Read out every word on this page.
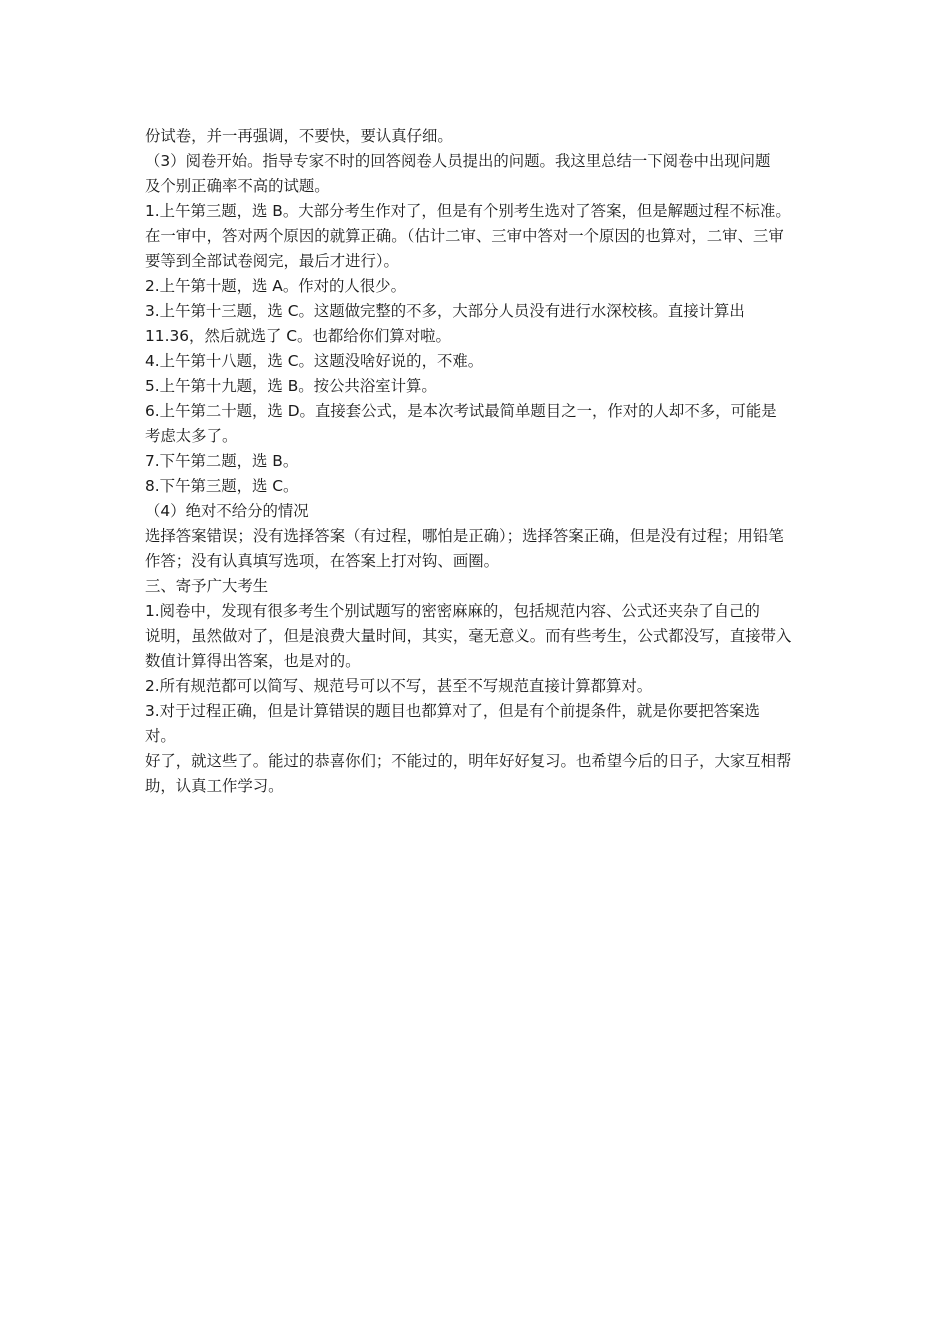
份试卷，并一再强调，不要快，要认真仔细。
（3）阅卷开始。指导专家不时的回答阅卷人员提出的问题。我这里总结一下阅卷中出现问题
及个别正确率不高的试题。
1.上午第三题，选 B。大部分考生作对了，但是有个别考生选对了答案，但是解题过程不标准。
在一审中，答对两个原因的就算正确。（估计二审、三审中答对一个原因的也算对，二审、三审
要等到全部试卷阅完，最后才进行）。
2.上午第十题，选 A。作对的人很少。
3.上午第十三题，选 C。这题做完整的不多，大部分人员没有进行水深校核。直接计算出
11.36，然后就选了 C。也都给你们算对啦。
4.上午第十八题，选 C。这题没啥好说的，不难。
5.上午第十九题，选 B。按公共浴室计算。
6.上午第二十题，选 D。直接套公式，是本次考试最简单题目之一，作对的人却不多，可能是
考虑太多了。
7.下午第二题，选 B。
8.下午第三题，选 C。
（4）绝对不给分的情况
选择答案错误；没有选择答案（有过程，哪怕是正确）；选择答案正确，但是没有过程；用铅笔
作答；没有认真填写选项，在答案上打对钩、画圈。
三、寄予广大考生
1.阅卷中，发现有很多考生个别试题写的密密麻麻的，包括规范内容、公式还夹杂了自己的
说明，虽然做对了，但是浪费大量时间，其实，毫无意义。而有些考生，公式都没写，直接带入
数值计算得出答案，也是对的。
2.所有规范都可以简写、规范号可以不写，甚至不写规范直接计算都算对。
3.对于过程正确，但是计算错误的题目也都算对了，但是有个前提条件，就是你要把答案选
对。
好了，就这些了。能过的恭喜你们；不能过的，明年好好复习。也希望今后的日子，大家互相帮
助，认真工作学习。
